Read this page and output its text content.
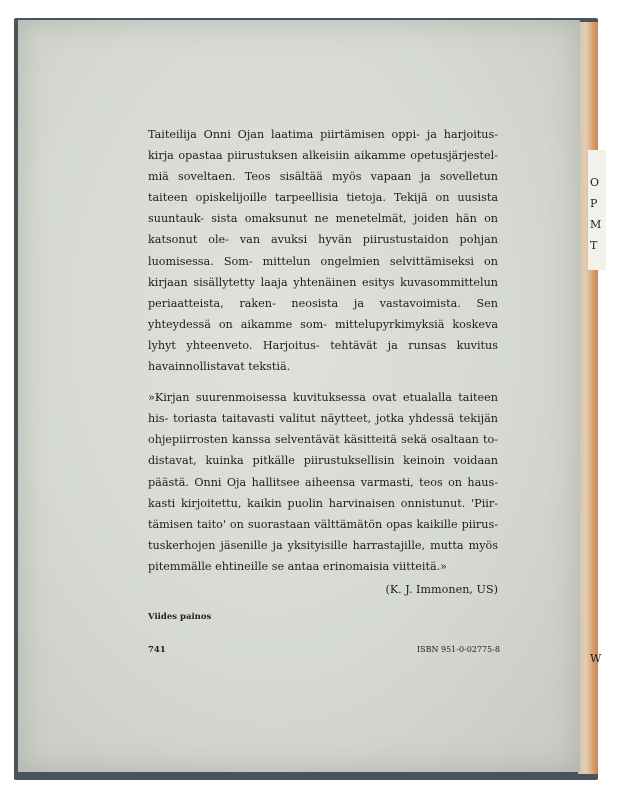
O
P
M
T
W

Taiteilija Onni Ojan laatima piirtämisen oppi- ja harjoitus- kirja opastaa piirustuksen alkeisiin aikamme opetusjärjestel- miä soveltaen. Teos sisältää myös vapaan ja sovelletun taiteen opiskelijoille tarpeellisia tietoja. Tekijä on uusista suuntauk- sista omaksunut ne menetelmät, joiden hän on katsonut ole- van avuksi hyvän piirustustaidon pohjan luomisessa. Som- mittelun ongelmien selvittämiseksi on kirjaan sisällytetty laaja yhtenäinen esitys kuvasommittelun periaatteista, raken- neosista ja vastavoimista. Sen yhteydessä on aikamme som- mittelupyrkimyksiä koskeva lyhyt yhteenveto. Harjoitus- tehtävät ja runsas kuvitus havainnollistavat tekstiä.

»Kirjan suurenmoisessa kuvituksessa ovat etualalla taiteen his- toriasta taitavasti valitut näytteet, jotka yhdessä tekijän ohjepiirrosten kanssa selventävät käsitteitä sekä osaltaan to- distavat, kuinka pitkälle piirustuksellisin keinoin voidaan päästä. Onni Oja hallitsee aiheensa varmasti, teos on haus- kasti kirjoitettu, kaikin puolin harvinaisen onnistunut. 'Piir- tämisen taito' on suorastaan välttämätön opas kaikille piirus- tuskerhojen jäsenille ja yksityisille harrastajille, mutta myös pitemmälle ehtineille se antaa erinomaisia viitteitä.»

(K. J. Immonen, US)
Viides painos
741	ISBN 951-0-02775-8
